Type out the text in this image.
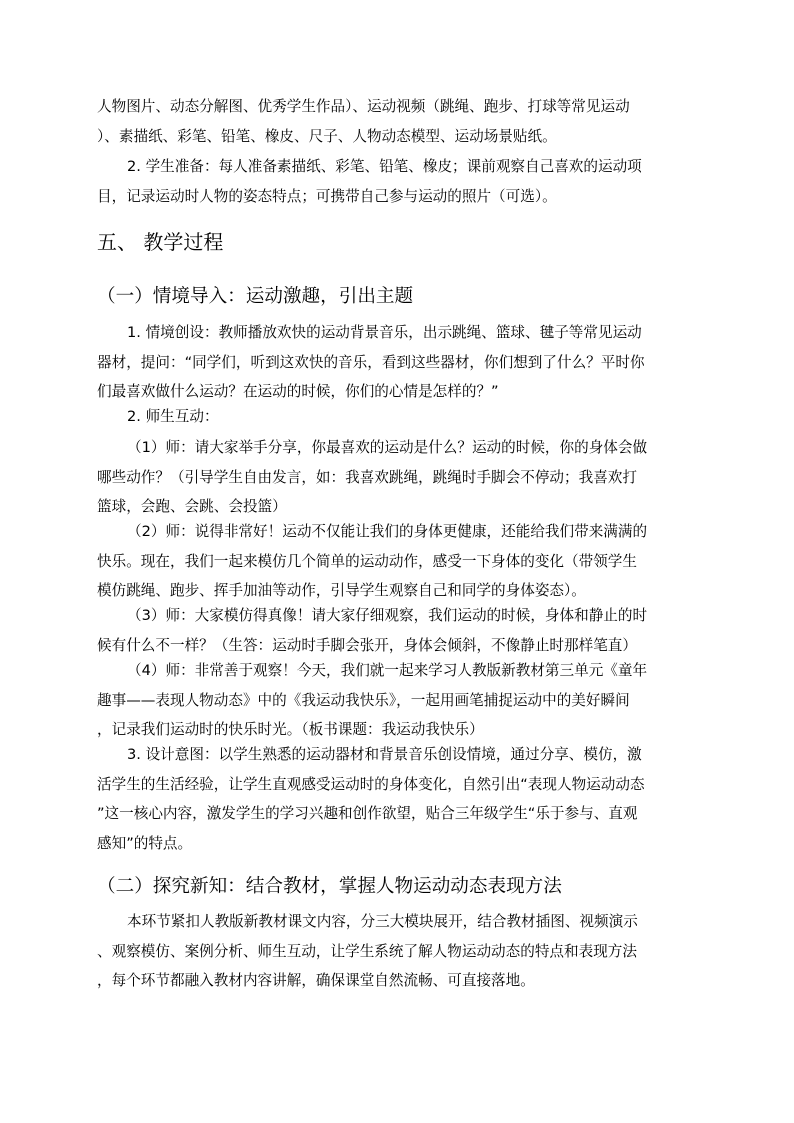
人物图片、动态分解图、优秀学生作品）、运动视频（跳绳、跑步、打球等常见运动
）、素描纸、彩笔、铅笔、橡皮、尺子、人物动态模型、运动场景贴纸。
2. 学生准备：每人准备素描纸、彩笔、铅笔、橡皮；课前观察自己喜欢的运动项
目，记录运动时人物的姿态特点；可携带自己参与运动的照片（可选）。
五、 教学过程
（一）情境导入：运动激趣，引出主题
1. 情境创设：教师播放欢快的运动背景音乐，出示跳绳、篮球、毽子等常见运动
器材，提问：“同学们，听到这欢快的音乐，看到这些器材，你们想到了什么？平时你
们最喜欢做什么运动？在运动的时候，你们的心情是怎样的？”
2. 师生互动：
（1）师：请大家举手分享，你最喜欢的运动是什么？运动的时候，你的身体会做
哪些动作？（引导学生自由发言，如：我喜欢跳绳，跳绳时手脚会不停动；我喜欢打
篮球，会跑、会跳、会投篮）
（2）师：说得非常好！运动不仅能让我们的身体更健康，还能给我们带来满满的
快乐。现在，我们一起来模仿几个简单的运动动作，感受一下身体的变化（带领学生
模仿跳绳、跑步、挥手加油等动作，引导学生观察自己和同学的身体姿态）。
（3）师：大家模仿得真像！请大家仔细观察，我们运动的时候，身体和静止的时
候有什么不一样？（生答：运动时手脚会张开，身体会倾斜，不像静止时那样笔直）
（4）师：非常善于观察！今天，我们就一起来学习人教版新教材第三单元《童年
趣事——表现人物动态》中的《我运动我快乐》，一起用画笔捕捉运动中的美好瞬间
，记录我们运动时的快乐时光。（板书课题：我运动我快乐）
3. 设计意图：以学生熟悉的运动器材和背景音乐创设情境，通过分享、模仿，激
活学生的生活经验，让学生直观感受运动时的身体变化，自然引出“表现人物运动动态
”这一核心内容，激发学生的学习兴趣和创作欲望，贴合三年级学生“乐于参与、直观
感知”的特点。
（二）探究新知：结合教材，掌握人物运动动态表现方法
本环节紧扣人教版新教材课文内容，分三大模块展开，结合教材插图、视频演示
、观察模仿、案例分析、师生互动，让学生系统了解人物运动动态的特点和表现方法
，每个环节都融入教材内容讲解，确保课堂自然流畅、可直接落地。
